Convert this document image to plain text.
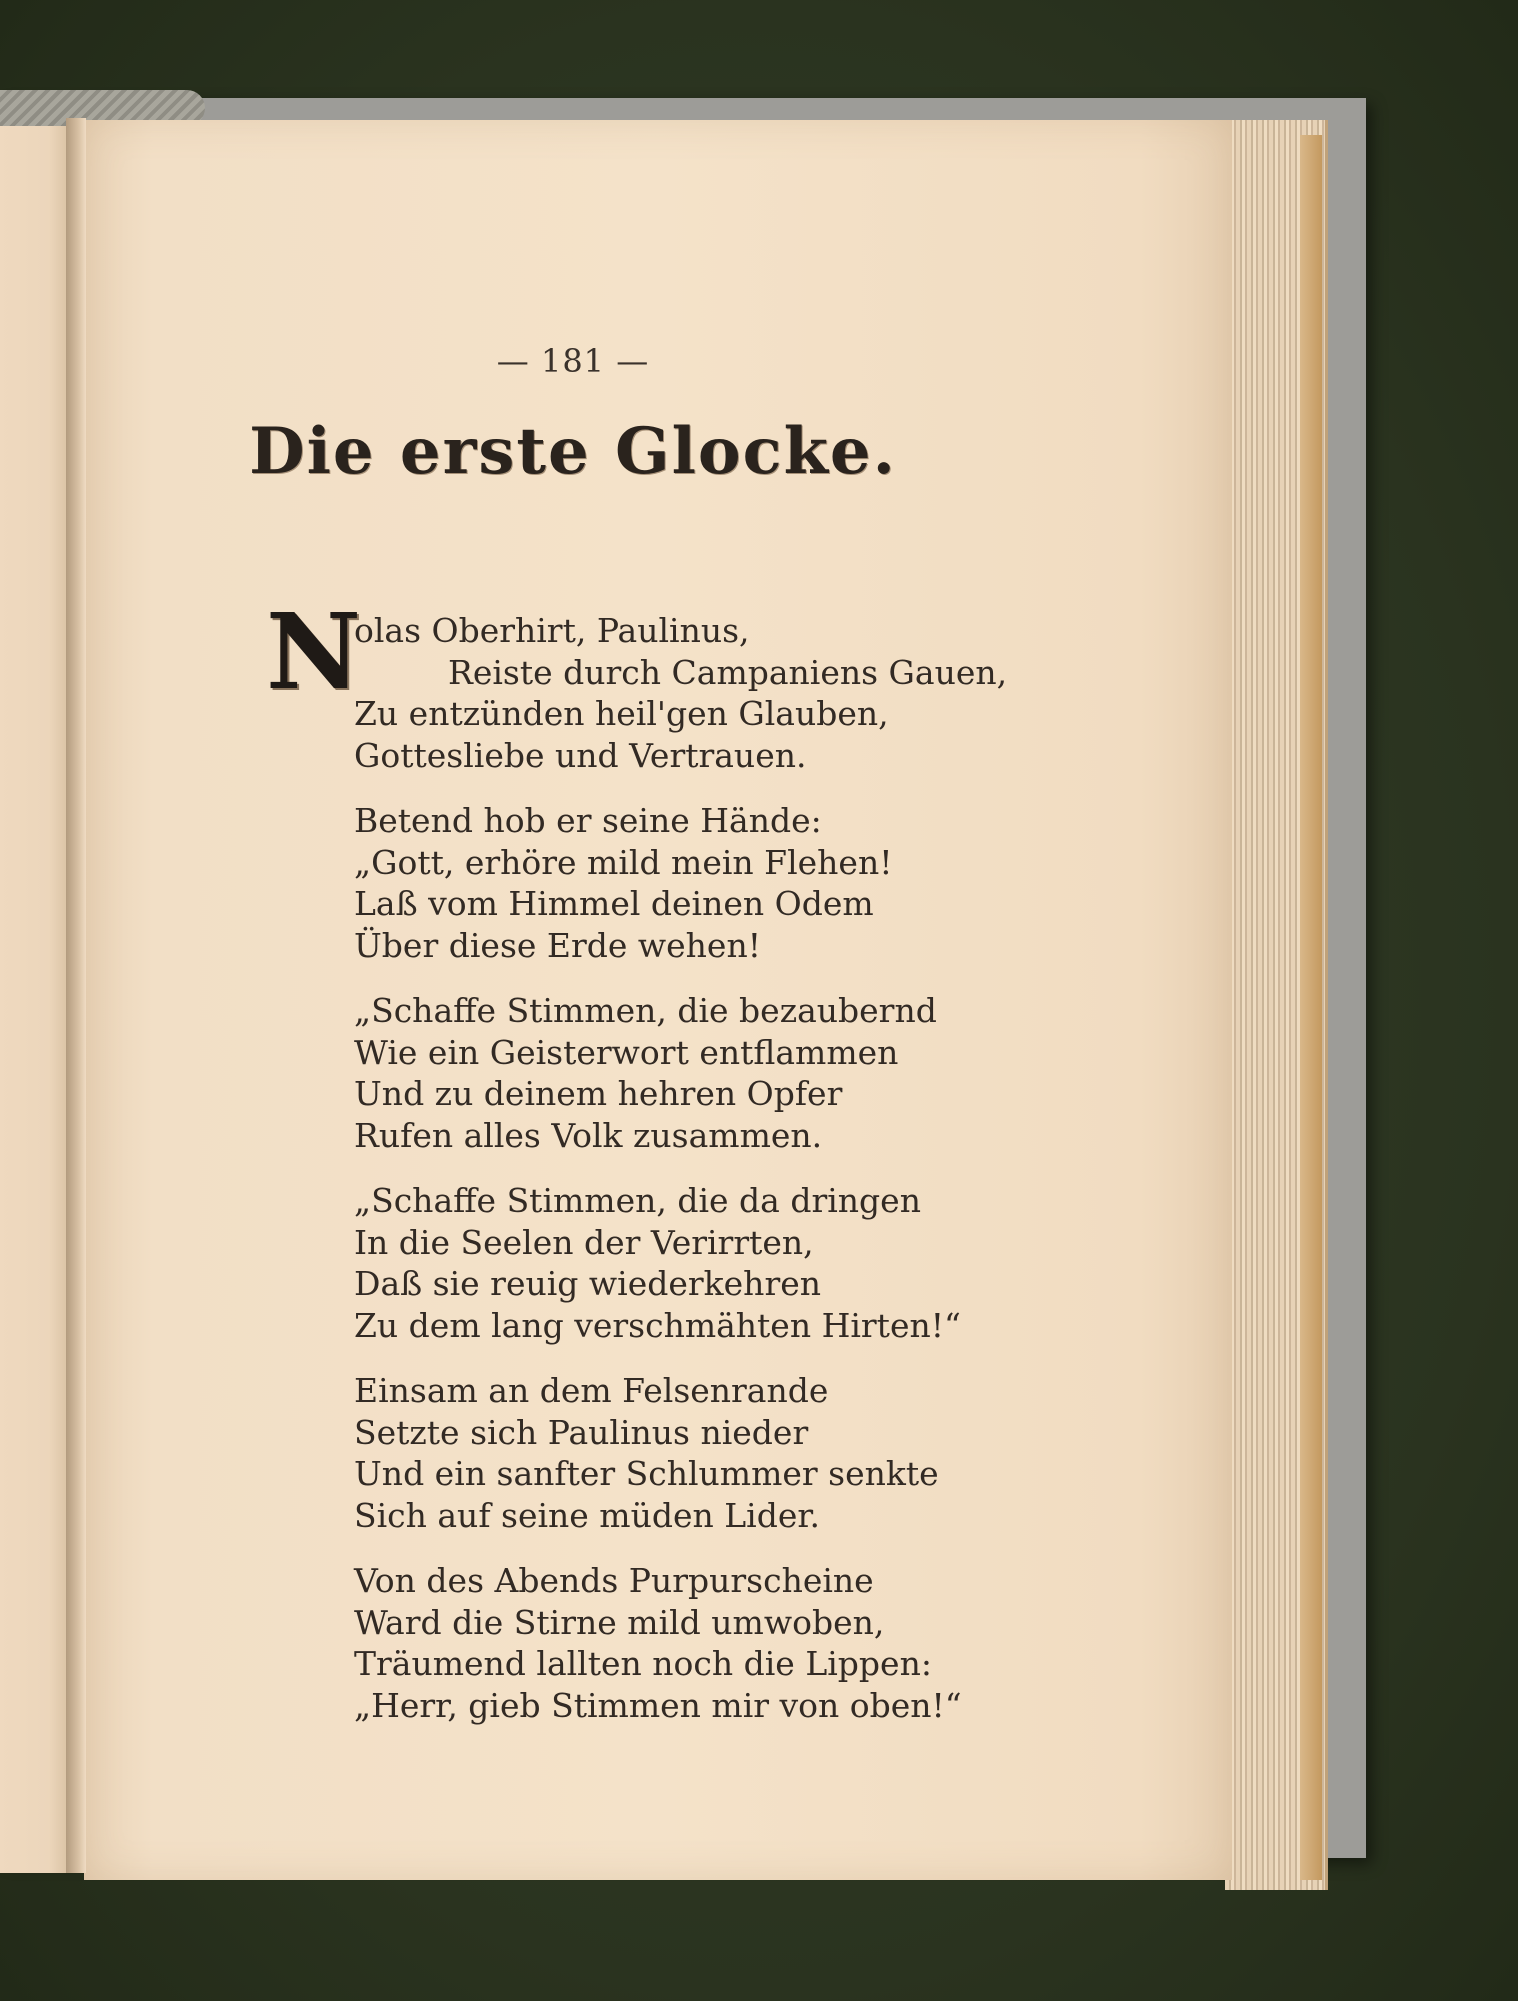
— 181 —
Die erste Glocke.
N
olas Oberhirt, Paulinus,
Reiste durch Campaniens Gauen,
Zu entzünden heil'gen Glauben,
Gottesliebe und Vertrauen.
Betend hob er seine Hände:
„Gott, erhöre mild mein Flehen!
Laß vom Himmel deinen Odem
Über diese Erde wehen!
„Schaffe Stimmen, die bezaubernd
Wie ein Geisterwort entflammen
Und zu deinem hehren Opfer
Rufen alles Volk zusammen.
„Schaffe Stimmen, die da dringen
In die Seelen der Verirrten,
Daß sie reuig wiederkehren
Zu dem lang verschmähten Hirten!“
Einsam an dem Felsenrande
Setzte sich Paulinus nieder
Und ein sanfter Schlummer senkte
Sich auf seine müden Lider.
Von des Abends Purpurscheine
Ward die Stirne mild umwoben,
Träumend lallten noch die Lippen:
„Herr, gieb Stimmen mir von oben!“
